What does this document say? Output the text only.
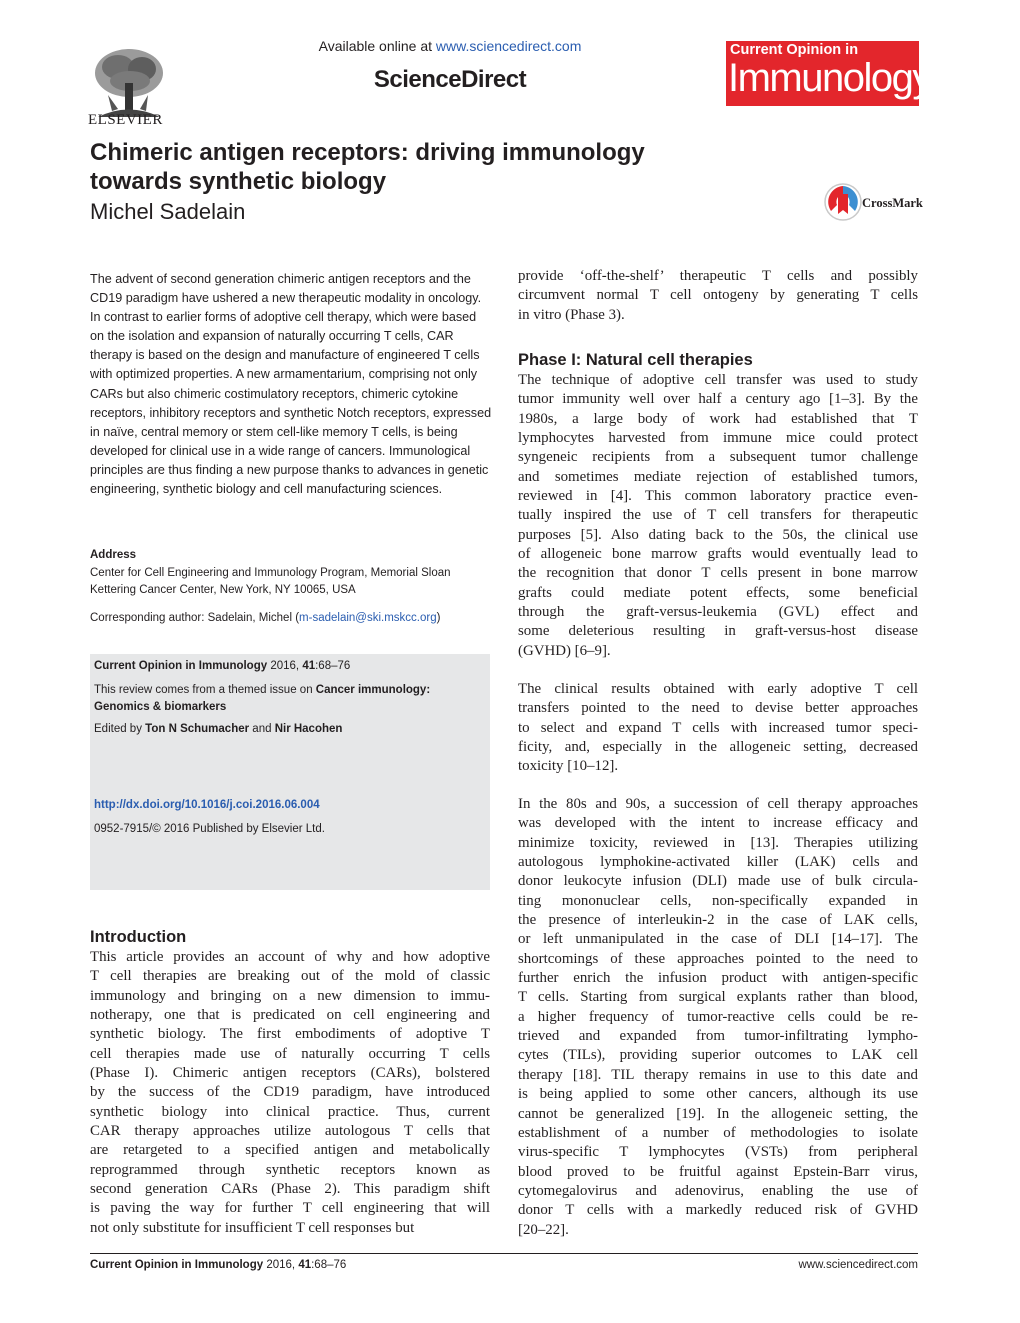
ELSEVIER
Available online at www.sciencedirect.com
ScienceDirect
Current Opinion in
Immunology
Chimeric antigen receptors: driving immunology
towards synthetic biology
Michel Sadelain	CrossMark
The advent of second generation chimeric antigen receptors and the CD19 paradigm have ushered a new therapeutic modality in oncology. In contrast to earlier forms of adoptive cell therapy, which were based on the isolation and expansion of naturally occurring T cells, CAR therapy is based on the design and manufacture of engineered T cells with optimized properties. A new armamentarium, comprising not only CARs but also chimeric costimulatory receptors, chimeric cytokine receptors, inhibitory receptors and synthetic Notch receptors, expressed in naïve, central memory or stem cell-like memory T cells, is being developed for clinical use in a wide range of cancers. Immunological principles are thus finding a new purpose thanks to advances in genetic engineering, synthetic biology and cell manufacturing sciences.
Address
Center for Cell Engineering and Immunology Program, Memorial Sloan Kettering Cancer Center, New York, NY 10065, USA
Corresponding author: Sadelain, Michel (m-sadelain@ski.mskcc.org)
Current Opinion in Immunology 2016, 41:68–76
This review comes from a themed issue on Cancer immunology: Genomics & biomarkers
Edited by Ton N Schumacher and Nir Hacohen
http://dx.doi.org/10.1016/j.coi.2016.06.004
0952-7915/© 2016 Published by Elsevier Ltd.
Introduction
This article provides an account of why and how adoptive
T cell therapies are breaking out of the mold of classic
immunology and bringing on a new dimension to immu-
notherapy, one that is predicated on cell engineering and
synthetic biology. The first embodiments of adoptive T
cell therapies made use of naturally occurring T cells
(Phase I). Chimeric antigen receptors (CARs), bolstered
by the success of the CD19 paradigm, have introduced
synthetic biology into clinical practice. Thus, current
CAR therapy approaches utilize autologous T cells that
are retargeted to a specified antigen and metabolically
reprogrammed through synthetic receptors known as
second generation CARs (Phase 2). This paradigm shift
is paving the way for further T cell engineering that will
not only substitute for insufficient T cell responses but
provide ‘off-the-shelf’ therapeutic T cells and possibly
circumvent normal T cell ontogeny by generating T cells
in vitro (Phase 3).
Phase I: Natural cell therapies
The technique of adoptive cell transfer was used to study
tumor immunity well over half a century ago [1–3]. By the
1980s, a large body of work had established that T
lymphocytes harvested from immune mice could protect
syngeneic recipients from a subsequent tumor challenge
and sometimes mediate rejection of established tumors,
reviewed in [4]. This common laboratory practice even-
tually inspired the use of T cell transfers for therapeutic
purposes [5]. Also dating back to the 50s, the clinical use
of allogeneic bone marrow grafts would eventually lead to
the recognition that donor T cells present in bone marrow
grafts could mediate potent effects, some beneficial
through the graft-versus-leukemia (GVL) effect and
some deleterious resulting in graft-versus-host disease
(GVHD) [6–9].
The clinical results obtained with early adoptive T cell
transfers pointed to the need to devise better approaches
to select and expand T cells with increased tumor speci-
ficity, and, especially in the allogeneic setting, decreased
toxicity [10–12].
In the 80s and 90s, a succession of cell therapy approaches
was developed with the intent to increase efficacy and
minimize toxicity, reviewed in [13]. Therapies utilizing
autologous lymphokine-activated killer (LAK) cells and
donor leukocyte infusion (DLI) made use of bulk circula-
ting mononuclear cells, non-specifically expanded in
the presence of interleukin-2 in the case of LAK cells,
or left unmanipulated in the case of DLI [14–17]. The
shortcomings of these approaches pointed to the need to
further enrich the infusion product with antigen-specific
T cells. Starting from surgical explants rather than blood,
a higher frequency of tumor-reactive cells could be re-
trieved and expanded from tumor-infiltrating lympho-
cytes (TILs), providing superior outcomes to LAK cell
therapy [18]. TIL therapy remains in use to this date and
is being applied to some other cancers, although its use
cannot be generalized [19]. In the allogeneic setting, the
establishment of a number of methodologies to isolate
virus-specific T lymphocytes (VSTs) from peripheral
blood proved to be fruitful against Epstein-Barr virus,
cytomegalovirus and adenovirus, enabling the use of
donor T cells with a markedly reduced risk of GVHD
[20–22].
Current Opinion in Immunology 2016, 41:68–76	www.sciencedirect.com
